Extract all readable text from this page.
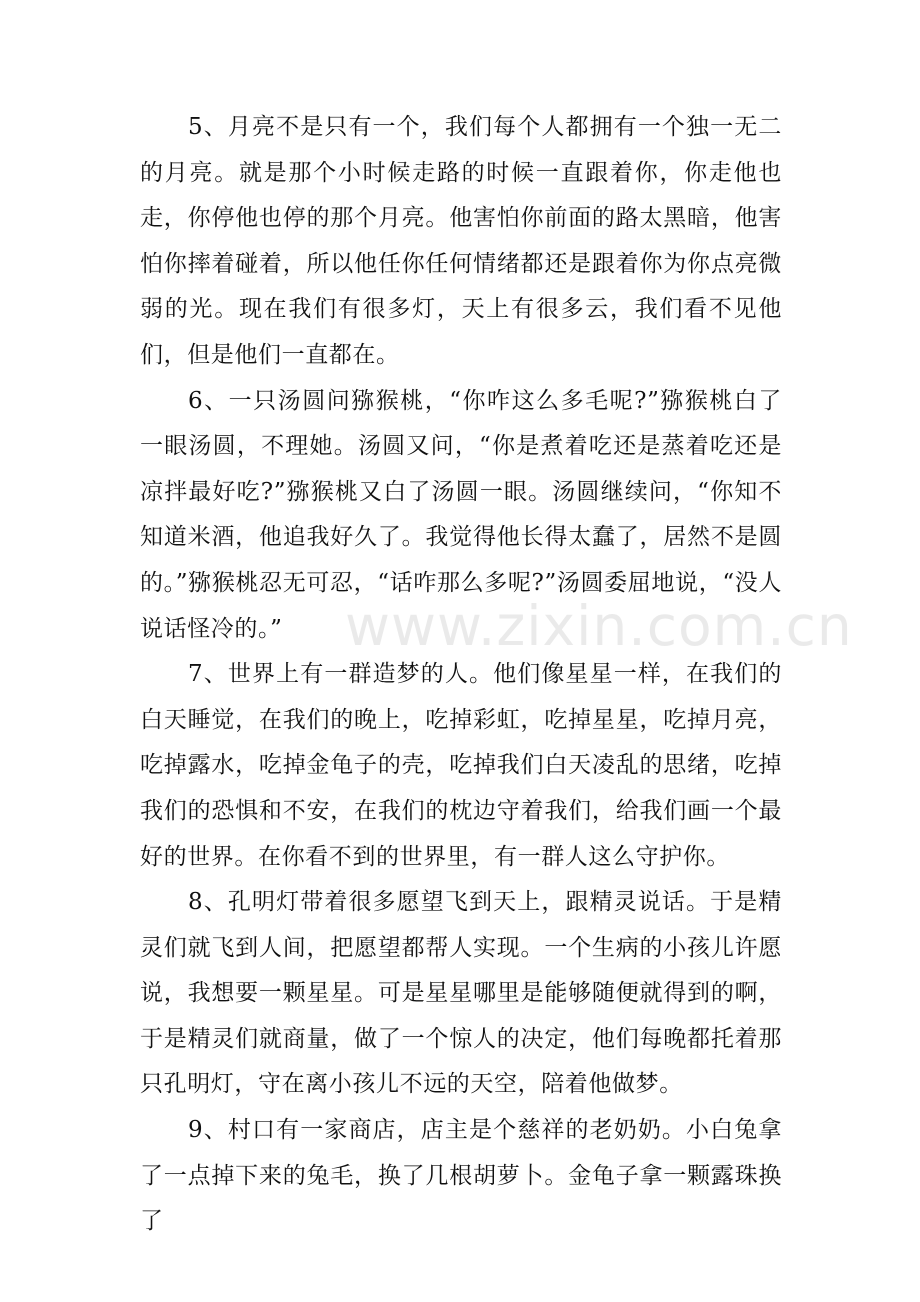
5、月亮不是只有一个，我们每个人都拥有一个独一无二的月亮。就是那个小时候走路的时候一直跟着你，你走他也走，你停他也停的那个月亮。他害怕你前面的路太黑暗，他害怕你摔着碰着，所以他任你任何情绪都还是跟着你为你点亮微弱的光。现在我们有很多灯，天上有很多云，我们看不见他们，但是他们一直都在。

6、一只汤圆问猕猴桃，“你咋这么多毛呢?”猕猴桃白了一眼汤圆，不理她。汤圆又问，“你是煮着吃还是蒸着吃还是凉拌最好吃?”猕猴桃又白了汤圆一眼。汤圆继续问，“你知不知道米酒，他追我好久了。我觉得他长得太蠢了，居然不是圆的。”猕猴桃忍无可忍，“话咋那么多呢?”汤圆委屈地说，“没人说话怪冷的。”

7、世界上有一群造梦的人。他们像星星一样，在我们的白天睡觉，在我们的晚上，吃掉彩虹，吃掉星星，吃掉月亮，吃掉露水，吃掉金龟子的壳，吃掉我们白天凌乱的思绪，吃掉我们的恐惧和不安，在我们的枕边守着我们，给我们画一个最好的世界。在你看不到的世界里，有一群人这么守护你。

8、孔明灯带着很多愿望飞到天上，跟精灵说话。于是精灵们就飞到人间，把愿望都帮人实现。一个生病的小孩儿许愿说，我想要一颗星星。可是星星哪里是能够随便就得到的啊，于是精灵们就商量，做了一个惊人的决定，他们每晚都托着那只孔明灯，守在离小孩儿不远的天空，陪着他做梦。

9、村口有一家商店，店主是个慈祥的老奶奶。小白兔拿了一点掉下来的兔毛，换了几根胡萝卜。金龟子拿一颗露珠换了

www.zixin.com.cn
